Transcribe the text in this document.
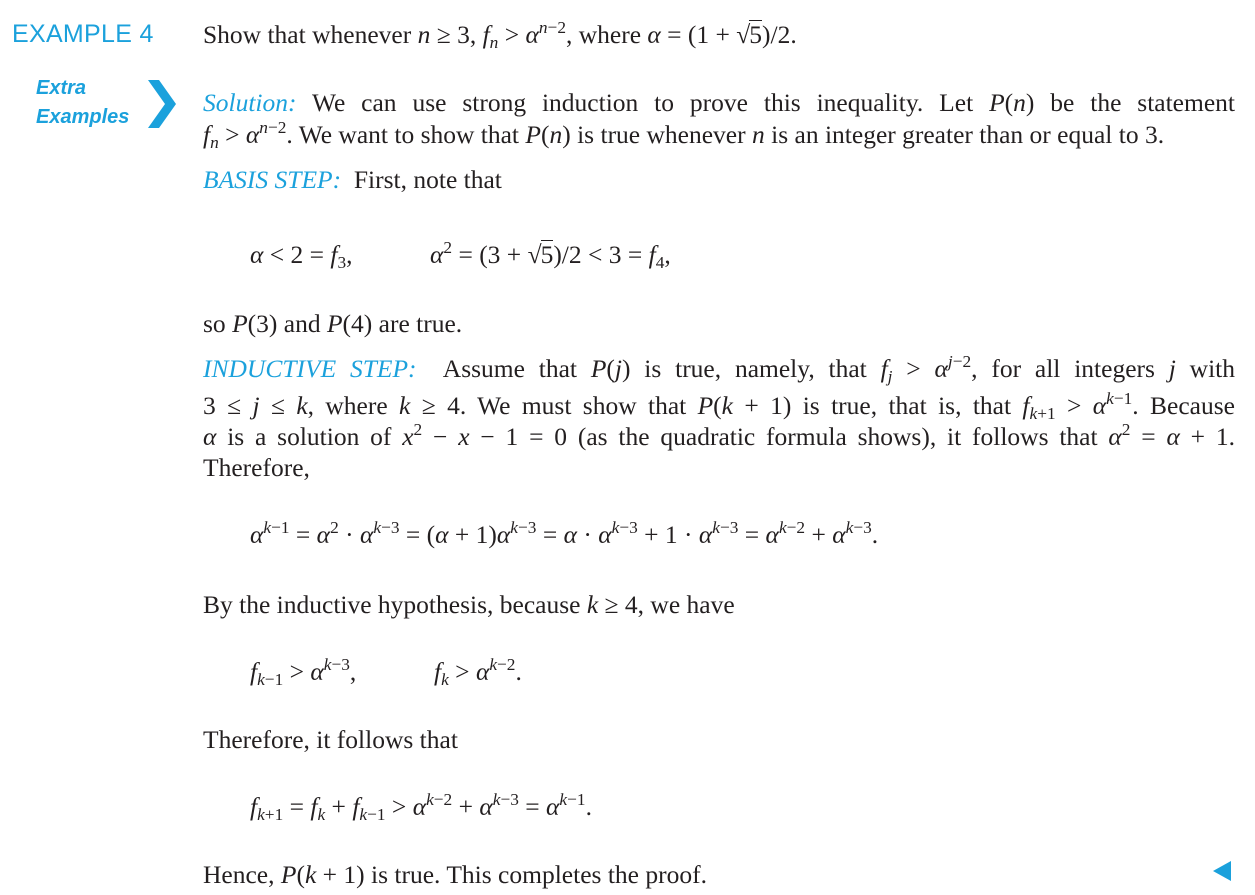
EXAMPLE 4 Show that whenever n ≥ 3, $f_n > \alpha^{n-2}$, where α = (1 + √5)/2.
Extra
Examples	Solution: We can use strong induction to prove this inequality. Let P(n) be the statement
$f_n > \alpha^{n-2}$. We want to show that P(n) is true whenever n is an integer greater than or equal to 3.
BASIS STEP: First, note that
$\alpha < 2 = f_3$,	$\alpha^2 = (3 + √5)/2 < 3 = f_4$,
so P(3) and P(4) are true.
INDUCTIVE STEP: Assume that P(j) is true, namely, that $f_j > \alpha^{j-2}$, for all integers j with
3 ≤ j ≤ k, where k ≥ 4. We must show that P(k + 1) is true, that is, that $f_{k+1} > \alpha^{k-1}$. Because
α is a solution of $x^2 - x - 1 = 0$ (as the quadratic formula shows), it follows that $\alpha^2 = \alpha + 1$.
Therefore,
$\alpha^{k-1} = \alpha^2 \cdot \alpha^{k-3} = (\alpha + 1)\alpha^{k-3} = \alpha \cdot \alpha^{k-3} + 1 \cdot \alpha^{k-3} = \alpha^{k-2} + \alpha^{k-3}$.
By the inductive hypothesis, because k ≥ 4, we have
$f_{k-1} > \alpha^{k-3}$,	$f_k > \alpha^{k-2}$.
Therefore, it follows that
$f_{k+1} = f_k + f_{k-1} > \alpha^{k-2} + \alpha^{k-3} = \alpha^{k-1}$.
Hence, P(k + 1) is true. This completes the proof.
